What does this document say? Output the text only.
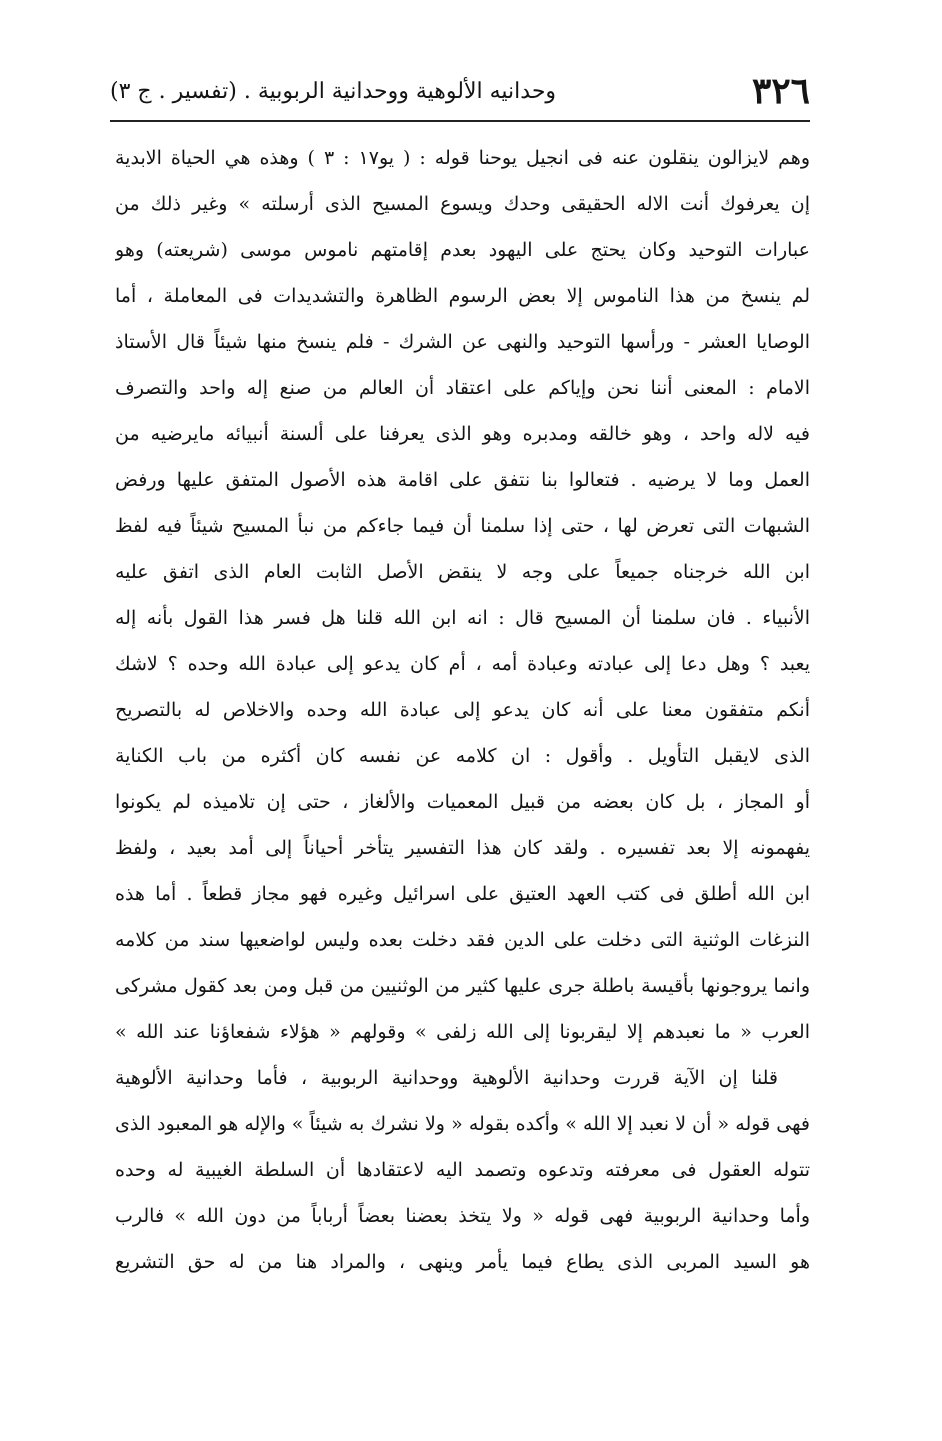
٣٢٦
وحدانيه الألوهية ووحدانية الربوبية . (تفسير . ج ٣)
وهم لايزالون ينقلون عنه فى انجيل يوحنا قوله : ( يو١٧ : ٣ ) وهذه هي الحياة الابدية
إن يعرفوك أنت الاله الحقيقى وحدك ويسوع المسيح الذى أرسلته » وغير ذلك من
عبارات التوحيد وكان يحتج على اليهود بعدم إقامتهم ناموس موسى (شريعته) وهو
لم ينسخ من هذا الناموس إلا بعض الرسوم الظاهرة والتشديدات فى المعاملة ، أما
الوصايا العشر - ورأسها التوحيد والنهى عن الشرك - فلم ينسخ منها شيئاً قال الأستاذ
الامام : المعنى أننا نحن وإياكم على اعتقاد أن العالم من صنع إله واحد والتصرف
فيه لاله واحد ، وهو خالقه ومدبره وهو الذى يعرفنا على ألسنة أنبيائه مايرضيه من
العمل وما لا يرضيه . فتعالوا بنا نتفق على اقامة هذه الأصول المتفق عليها ورفض
الشبهات التى تعرض لها ، حتى إذا سلمنا أن فيما جاءكم من نبأ المسيح شيئاً فيه لفظ
ابن الله خرجناه جميعاً على وجه لا ينقض الأصل الثابت العام الذى اتفق عليه
الأنبياء . فان سلمنا أن المسيح قال : انه ابن الله قلنا هل فسر هذا القول بأنه إله
يعبد ؟ وهل دعا إلى عبادته وعبادة أمه ، أم كان يدعو إلى عبادة الله وحده ؟ لاشك
أنكم متفقون معنا على أنه كان يدعو إلى عبادة الله وحده والاخلاص له بالتصريح
الذى لايقبل التأويل . وأقول : ان كلامه عن نفسه كان أكثره من باب الكناية
أو المجاز ، بل كان بعضه من قبيل المعميات والألغاز ، حتى إن تلاميذه لم يكونوا
يفهمونه إلا بعد تفسيره . ولقد كان هذا التفسير يتأخر أحياناً إلى أمد بعيد ، ولفظ
ابن الله أطلق فى كتب العهد العتيق على اسرائيل وغيره فهو مجاز قطعاً . أما هذه
النزغات الوثنية التى دخلت على الدين فقد دخلت بعده وليس لواضعيها سند من كلامه
وانما يروجونها بأقيسة باطلة جرى عليها كثير من الوثنيين من قبل ومن بعد كقول مشركى
العرب « ما نعبدهم إلا ليقربونا إلى الله زلفى » وقولهم « هؤلاء شفعاؤنا عند الله »
قلنا إن الآية قررت وحدانية الألوهية ووحدانية الربوبية ، فأما وحدانية الألوهية
فهى قوله « أن لا نعبد إلا الله » وأكده بقوله « ولا نشرك به شيئاً » والإله هو المعبود الذى
تتوله العقول فى معرفته وتدعوه وتصمد اليه لاعتقادها أن السلطة الغيبية له وحده
وأما وحدانية الربوبية فهى قوله « ولا يتخذ بعضنا بعضاً أرباباً من دون الله » فالرب
هو السيد المربى الذى يطاع فيما يأمر وينهى ، والمراد هنا من له حق التشريع
